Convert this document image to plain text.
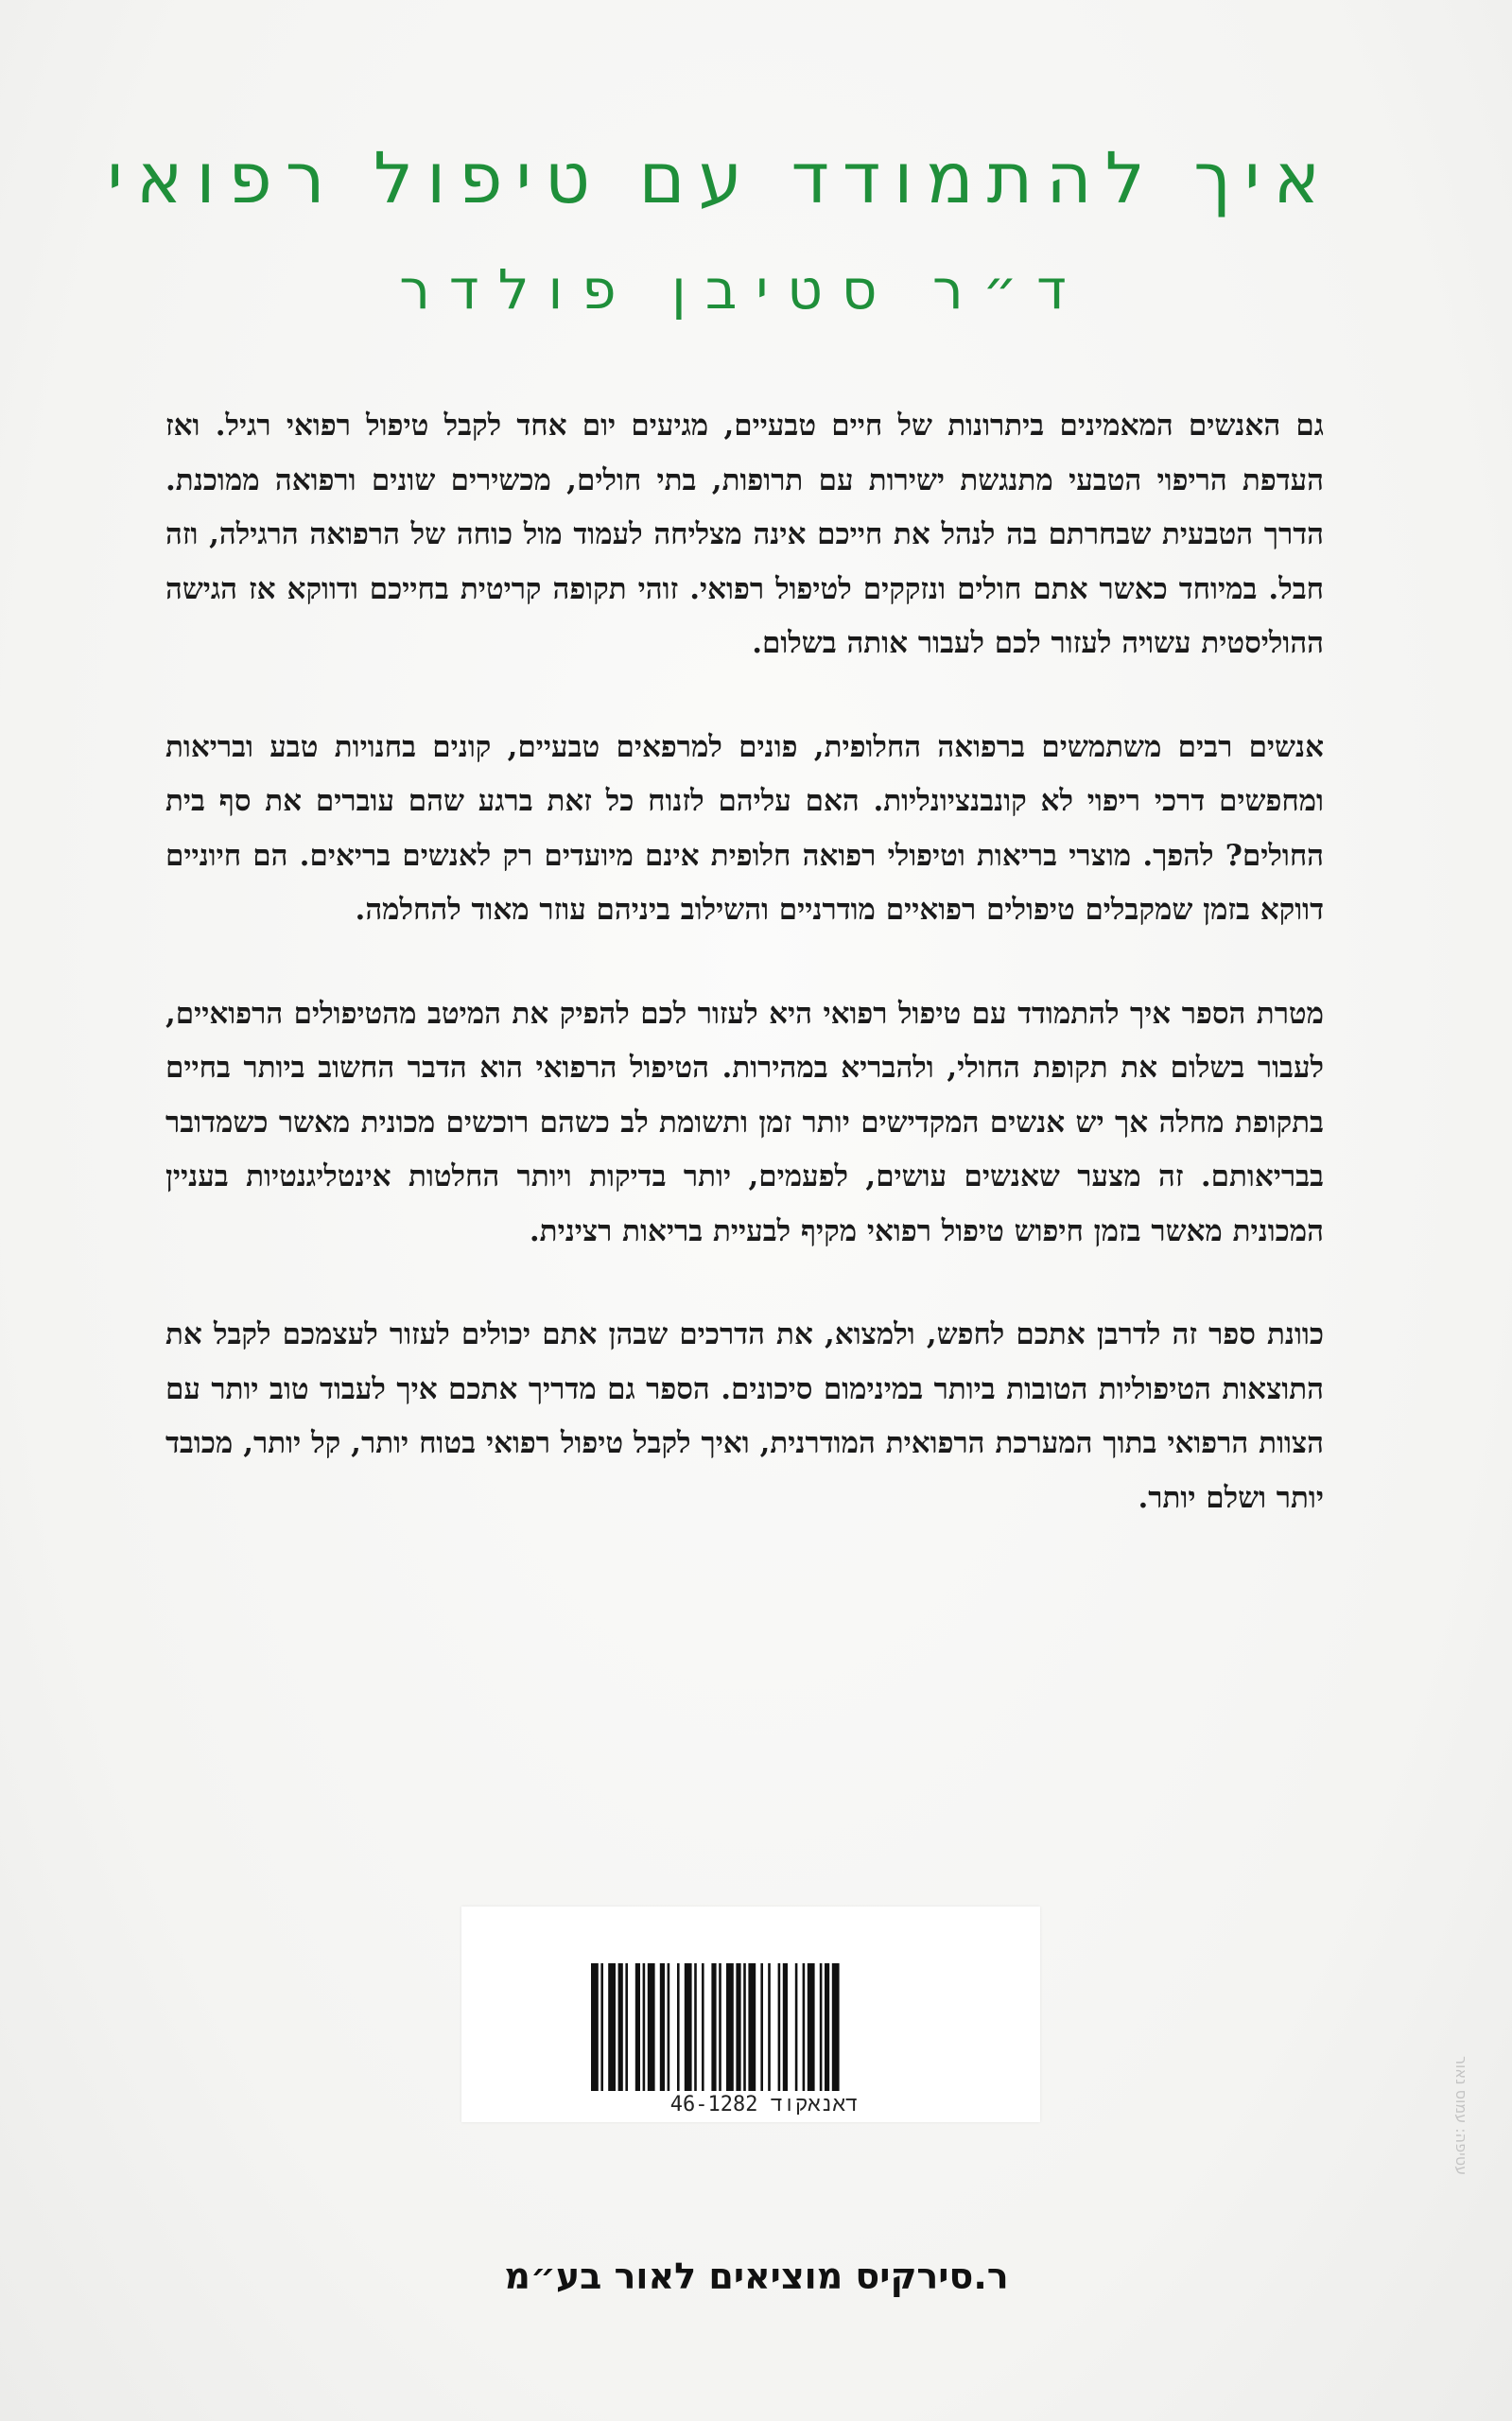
איך להתמודד עם טיפול רפואי
ד״ר סטיבן פולדר

גם האנשים המאמינים ביתרונות של חיים טבעיים, מגיעים יום אחד לקבל טיפול רפואי רגיל. ואז העדפת הריפוי הטבעי מתנגשת ישירות עם תרופות, בתי חולים, מכשירים שונים ורפואה ממוכנת. הדרך הטבעית שבחרתם בה לנהל את חייכם אינה מצליחה לעמוד מול כוחה של הרפואה הרגילה, וזה חבל. במיוחד כאשר אתם חולים ונזקקים לטיפול רפואי. זוהי תקופה קריטית בחייכם ודווקא אז הגישה ההוליסטית עשויה לעזור לכם לעבור אותה בשלום.

אנשים רבים משתמשים ברפואה החלופית, פונים למרפאים טבעיים, קונים בחנויות טבע ובריאות ומחפשים דרכי ריפוי לא קונבנציונליות. האם עליהם לזנוח כל זאת ברגע שהם עוברים את סף בית החולים? להפך. מוצרי בריאות וטיפולי רפואה חלופית אינם מיועדים רק לאנשים בריאים. הם חיוניים דווקא בזמן שמקבלים טיפולים רפואיים מודרניים והשילוב ביניהם עוזר מאוד להחלמה.

מטרת הספר איך להתמודד עם טיפול רפואי היא לעזור לכם להפיק את המיטב מהטיפולים הרפואיים, לעבור בשלום את תקופת החולי, ולהבריא במהירות. הטיפול הרפואי הוא הדבר החשוב ביותר בחיים בתקופת מחלה אך יש אנשים המקדישים יותר זמן ותשומת לב כשהם רוכשים מכונית מאשר כשמדובר בבריאותם. זה מצער שאנשים עושים, לפעמים, יותר בדיקות ויותר החלטות אינטליגנטיות בעניין המכונית מאשר בזמן חיפוש טיפול רפואי מקיף לבעיית בריאות רצינית.

כוונת ספר זה לדרבן אתכם לחפש, ולמצוא, את הדרכים שבהן אתם יכולים לעזור לעצמכם לקבל את התוצאות הטיפוליות הטובות ביותר במינימום סיכונים. הספר גם מדריך אתכם איך לעבוד טוב יותר עם הצוות הרפואי בתוך המערכת הרפואית המודרנית, ואיך לקבל טיפול רפואי בטוח יותר, קל יותר, מכובד יותר ושלם יותר.

46-1282 דאנאקוד	עטיפה: עמוס נאור
ר.סירקיס מוציאים לאור בע״מ
